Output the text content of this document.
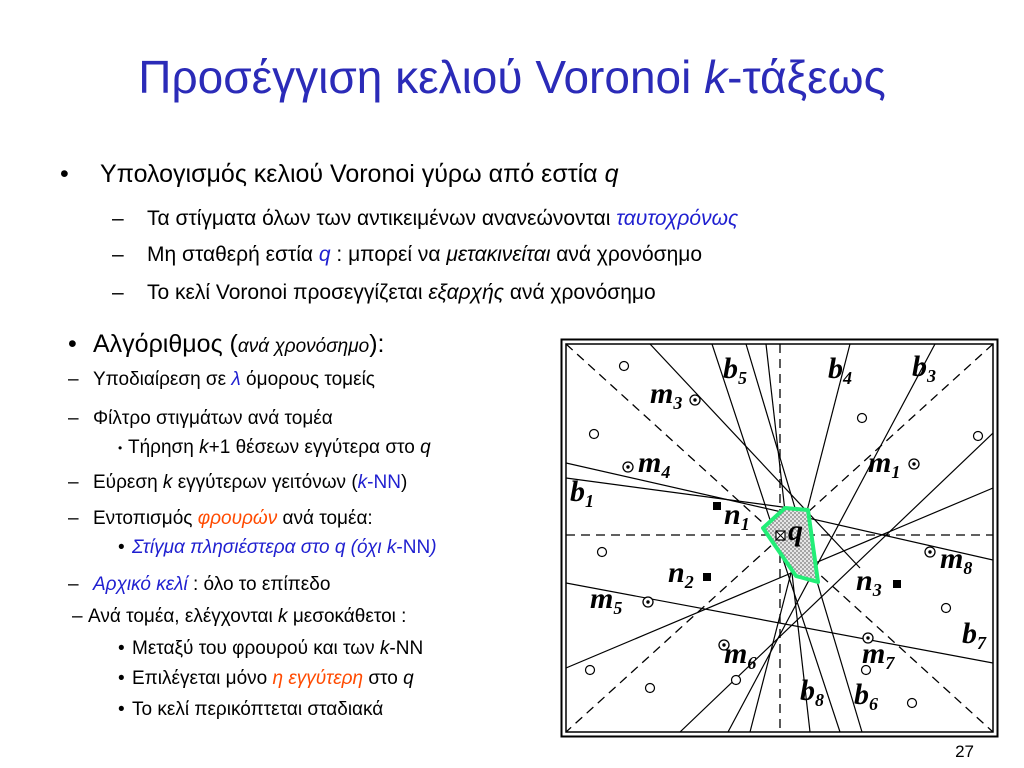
Προσέγγιση κελιού Voronoi k-τάξεως
• Υπολογισμός κελιού Voronoi γύρω από εστία q
– Τα στίγματα όλων των αντικειμένων ανανεώνονται ταυτοχρόνως
– Μη σταθερή εστία q : μπορεί να μετακινείται ανά χρονόσημο
– Το κελί Voronoi προσεγγίζεται εξαρχής ανά χρονόσημο
• Αλγόριθμος (ανά χρονόσημο):
– Υποδιαίρεση σε λ όμορους τομείς
– Φίλτρο στιγμάτων ανά τομέα
• Τήρηση k+1 θέσεων εγγύτερα στο q
– Εύρεση k εγγύτερων γειτόνων (k-NN)
– Εντοπισμός φρουρών ανά τομέα:
• Στίγμα πλησιέστερα στο q (όχι k-NN)
– Αρχικό κελί : όλο το επίπεδο
– Ανά τομέα, ελέγχονται k μεσοκάθετοι :
• Μεταξύ του φρουρού και των k-NN
• Επιλέγεται μόνο η εγγύτερη στο q
• Το κελί περικόπτεται σταδιακά
$b_5$	$b_4$ $b_3$
$m_3$
$m_4$	$m_1$
$b_1$	$n_1$ q
$m_8$
$n_2$	$n_3$
$m_5$
$b_7$
$m_6$	$m_7$
$b_8$ $b_6$
27
